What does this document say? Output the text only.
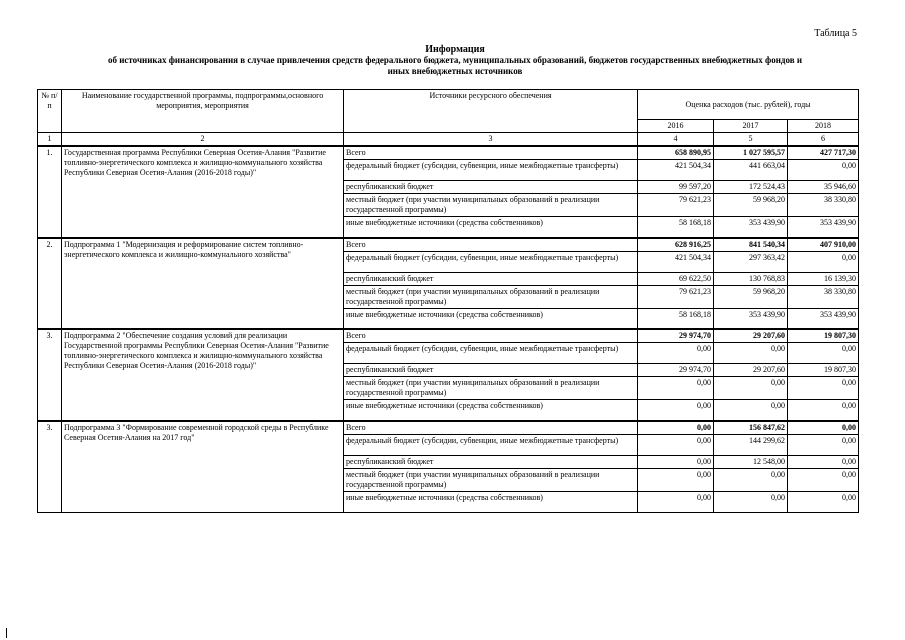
Таблица 5
Информация
об источниках финансирования в случае привлечения средств федерального бюджета, муниципальных образований, бюджетов государственных внебюджетных фондов и
иных внебюджетных источников
№ п/п	Наименование государственной программы, подпрограммы,основного мероприятия, мероприятия	Источники ресурсного обеспечения	Оценка расходов (тыс. рублей), годы		
			2016	2017	2018
1	2	3	4	5	6
1.	Государственная программа Республики Северная Осетия-Алания "Развитие топливно-энергетического комплекса и жилищно-коммунального хозяйства Республики Северная Осетия-Алания (2016-2018 годы)"	Всего	658 890,95	1 027 595,57	427 717,30
		федеральный бюджет (субсидии, субвенции, иные межбюджетные трансферты)	421 504,34	441 663,04	0,00
		республиканский бюджет	99 597,20	172 524,43	35 946,60
		местный бюджет (при участии муниципальных образований в реализации государственной программы)	79 621,23	59 968,20	38 330,80
		иные внебюджетные источники (средства собственников)	58 168,18	353 439,90	353 439,90
2.	Подпрограмма 1 "Модернизация и реформирование систем топливно-энергетического комплекса и жилищно-коммунального хозяйства"	Всего	628 916,25	841 540,34	407 910,00
		федеральный бюджет (субсидии, субвенции, иные межбюджетные трансферты)	421 504,34	297 363,42	0,00
		республиканский бюджет	69 622,50	130 768,83	16 139,30
		местный бюджет (при участии муниципальных образований в реализации государственной программы)	79 621,23	59 968,20	38 330,80
		иные внебюджетные источники (средства собственников)	58 168,18	353 439,90	353 439,90
3.	Подпрограмма 2 "Обеспечение создания условий для реализации Государственной программы Республики Северная Осетия-Алания "Развитие топливно-энергетического комплекса и жилищно-коммунального хозяйства Республики Северная Осетия-Алания (2016-2018 годы)"	Всего	29 974,70	29 207,60	19 807,30
		федеральный бюджет (субсидии, субвенции, иные межбюджетные трансферты)	0,00	0,00	0,00
		республиканский бюджет	29 974,70	29 207,60	19 807,30
		местный бюджет (при участии муниципальных образований в реализации государственной программы)	0,00	0,00	0,00
		иные внебюджетные источники (средства собственников)	0,00	0,00	0,00
3.	Подпрограмма 3 "Формирование современной городской среды в Республике Северная Осетия-Алания на 2017 год"	Всего	0,00	156 847,62	0,00
		федеральный бюджет (субсидии, субвенции, иные межбюджетные трансферты)	0,00	144 299,62	0,00
		республиканский бюджет	0,00	12 548,00	0,00
		местный бюджет (при участии муниципальных образований в реализации государственной программы)	0,00	0,00	0,00
		иные внебюджетные источники (средства собственников)	0,00	0,00	0,00
